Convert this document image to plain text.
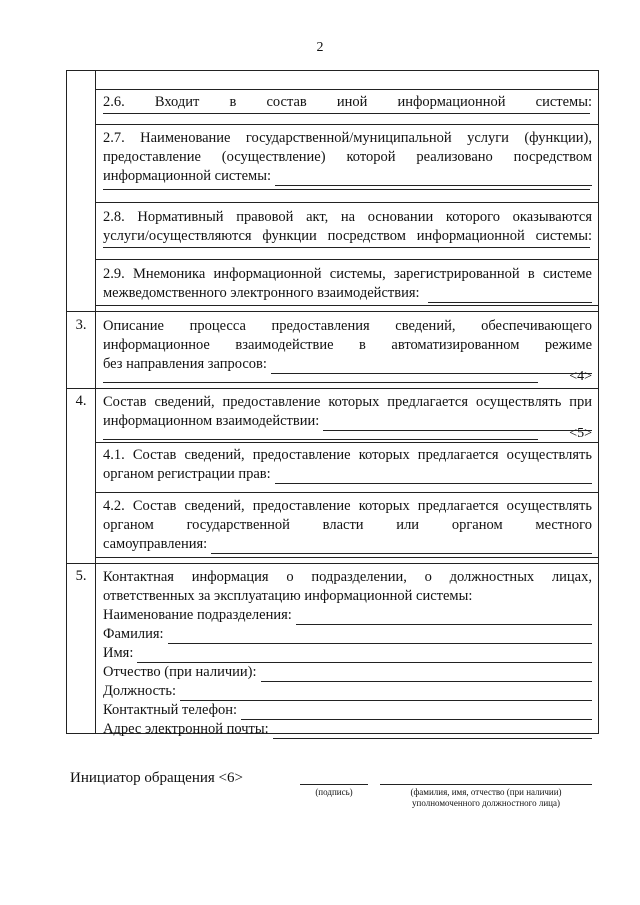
2
2.6. Входит в состав иной информационной системы:
2.7. Наименование государственной/муниципальной услуги (функции),
предоставление (осуществление) которой реализовано посредством
информационной системы:
2.8. Нормативный правовой акт, на основании которого оказываются
услуги/осуществляются функции посредством информационной системы:
2.9. Мнемоника информационной системы, зарегистрированной в системе
межведомственного электронного взаимодействия:
3.	Описание процесса предоставления сведений, обеспечивающего
информационное взаимодействие в автоматизированном режиме
без направления запросов:
<4>
4.	Состав сведений, предоставление которых предлагается осуществлять при
информационном взаимодействии:
<5>
4.1. Состав сведений, предоставление которых предлагается осуществлять
органом регистрации прав:
4.2. Состав сведений, предоставление которых предлагается осуществлять
органом государственной власти или органом местного
самоуправления:
5.	Контактная информация о подразделении, о должностных лицах,
ответственных за эксплуатацию информационной системы:
Наименование подразделения:
Фамилия:
Имя:
Отчество (при наличии):
Должность:
Контактный телефон:
Адрес электронной почты:
Инициатор обращения <6>
(подпись)	(фамилия, имя, отчество (при наличии)
уполномоченного должностного лица)
